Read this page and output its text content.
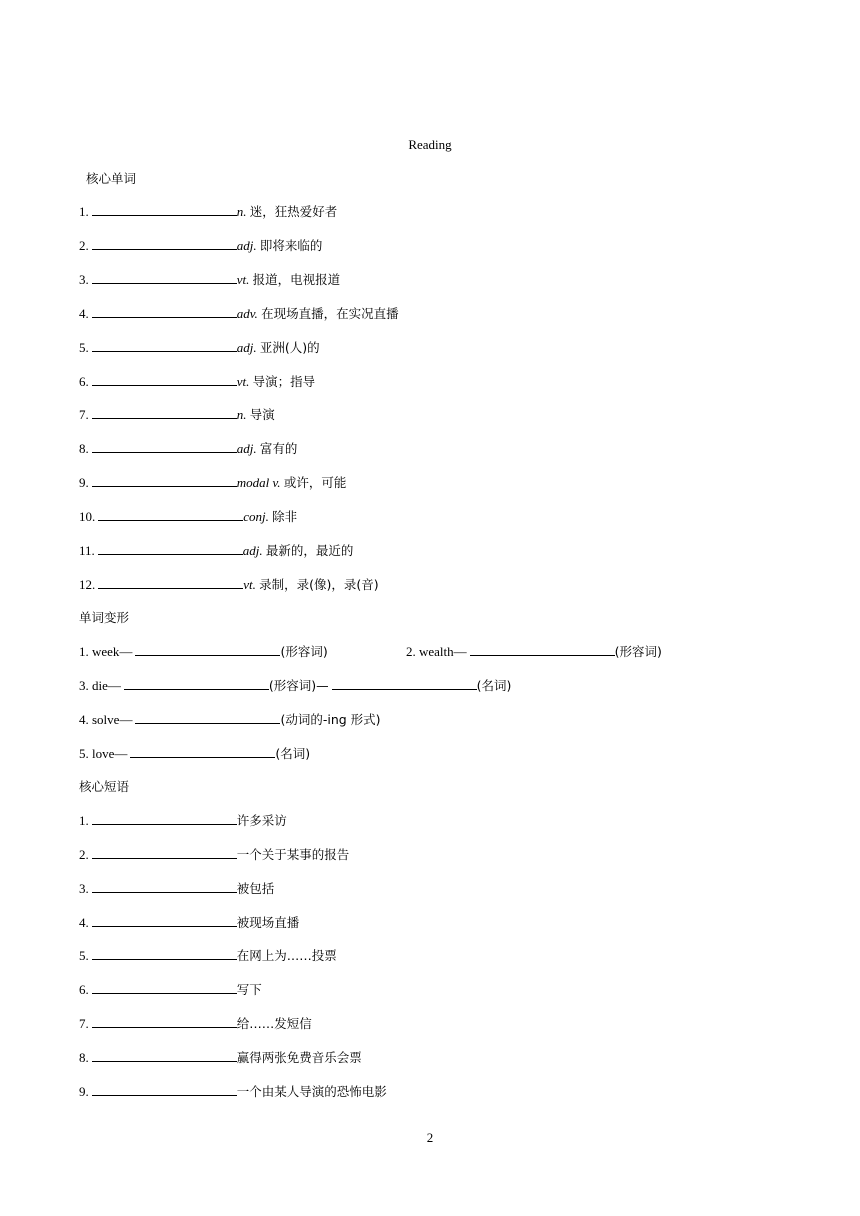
Reading
核心单词
1.	n. 迷，狂热爱好者
2.	adj. 即将来临的
3.	vt. 报道，电视报道
4.	adv. 在现场直播，在实况直播
5.	adj. 亚洲(人)的
6.	vt. 导演；指导
7.	n. 导演
8.	adj. 富有的
9.	modal v. 或许，可能
10.	conj. 除非
11.	adj. 最新的，最近的
12.	vt. 录制，录(像)，录(音)
单词变形
1. week—	(形容词)	2. wealth—	(形容词)
3. die—	(形容词)—	(名词)
4. solve—	(动词的-ing 形式)
5. love—	(名词)
核心短语
1.	许多采访
2.	一个关于某事的报告
3.	被包括
4.	被现场直播
5.	在网上为……投票
6.	写下
7.	给……发短信
8.	赢得两张免费音乐会票
9.	一个由某人导演的恐怖电影
2
